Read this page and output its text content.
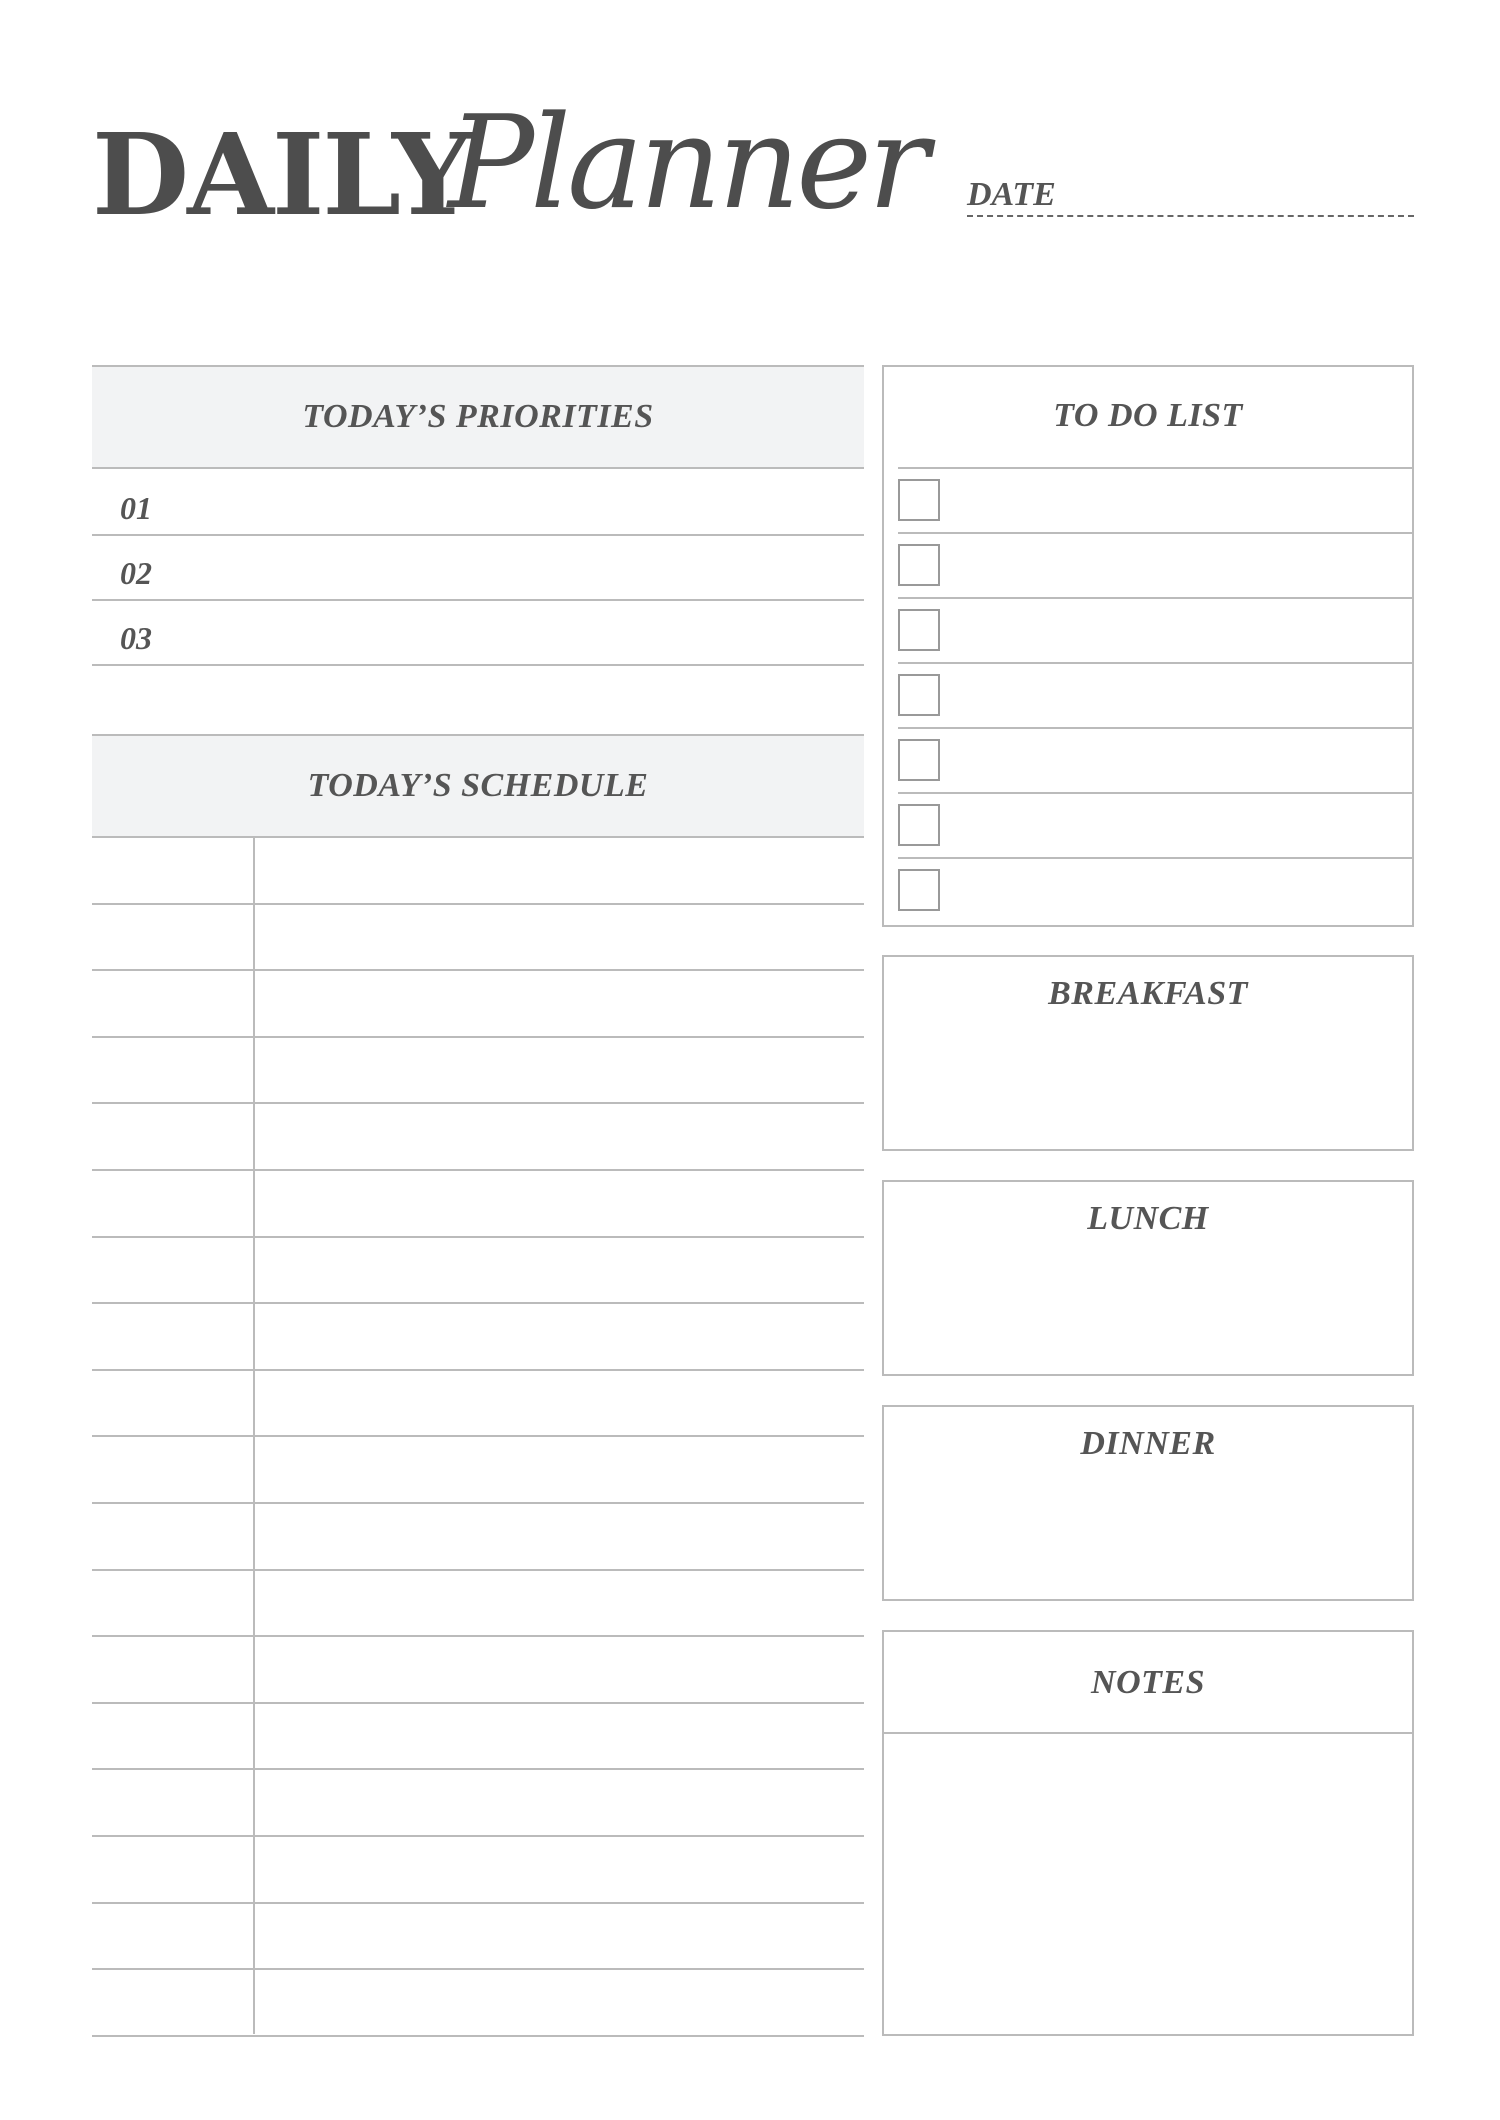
DAILY
Planner DATE
TODAY’S PRIORITIES
01
02
03
TODAY’S SCHEDULE
TO DO LIST
BREAKFAST
LUNCH
DINNER
NOTES
